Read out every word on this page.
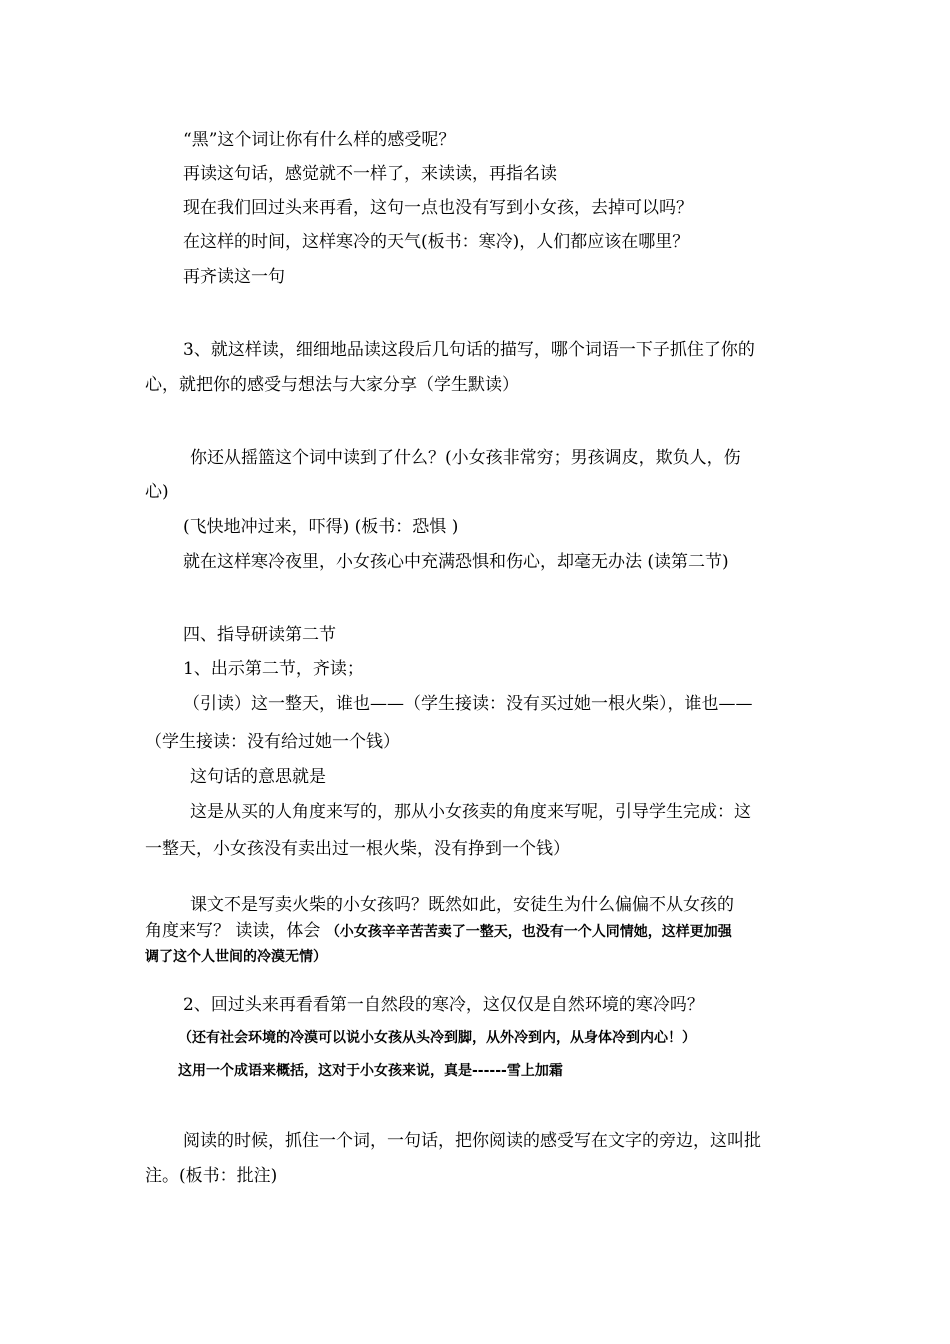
“黑”这个词让你有什么样的感受呢？
再读这句话，感觉就不一样了，来读读，再指名读
现在我们回过头来再看，这句一点也没有写到小女孩，去掉可以吗？
在这样的时间，这样寒冷的天气(板书：寒冷)，人们都应该在哪里？
再齐读这一句
3、就这样读，细细地品读这段后几句话的描写，哪个词语一下子抓住了你的
心，就把你的感受与想法与大家分享（学生默读）
你还从摇篮这个词中读到了什么？(小女孩非常穷；男孩调皮，欺负人，伤
心)
(飞快地冲过来，吓得) (板书：恐惧 )
就在这样寒冷夜里，小女孩心中充满恐惧和伤心，却毫无办法 (读第二节)
四、指导研读第二节
1、出示第二节，齐读；
（引读）这一整天，谁也——（学生接读：没有买过她一根火柴），谁也——
（学生接读：没有给过她一个钱）
这句话的意思就是
这是从买的人角度来写的，那从小女孩卖的角度来写呢，引导学生完成：这
一整天，小女孩没有卖出过一根火柴，没有挣到一个钱）
课文不是写卖火柴的小女孩吗？既然如此，安徒生为什么偏偏不从女孩的
角度来写？ 读读，体会 （小女孩辛辛苦苦卖了一整天，也没有一个人同情她，这样更加强
调了这个人世间的冷漠无情）
2、回过头来再看看第一自然段的寒冷，这仅仅是自然环境的寒冷吗？
（还有社会环境的冷漠可以说小女孩从头冷到脚，从外冷到内，从身体冷到内心！）
这用一个成语来概括，这对于小女孩来说，真是------雪上加霜
阅读的时候，抓住一个词，一句话，把你阅读的感受写在文字的旁边，这叫批
注。(板书：批注)
